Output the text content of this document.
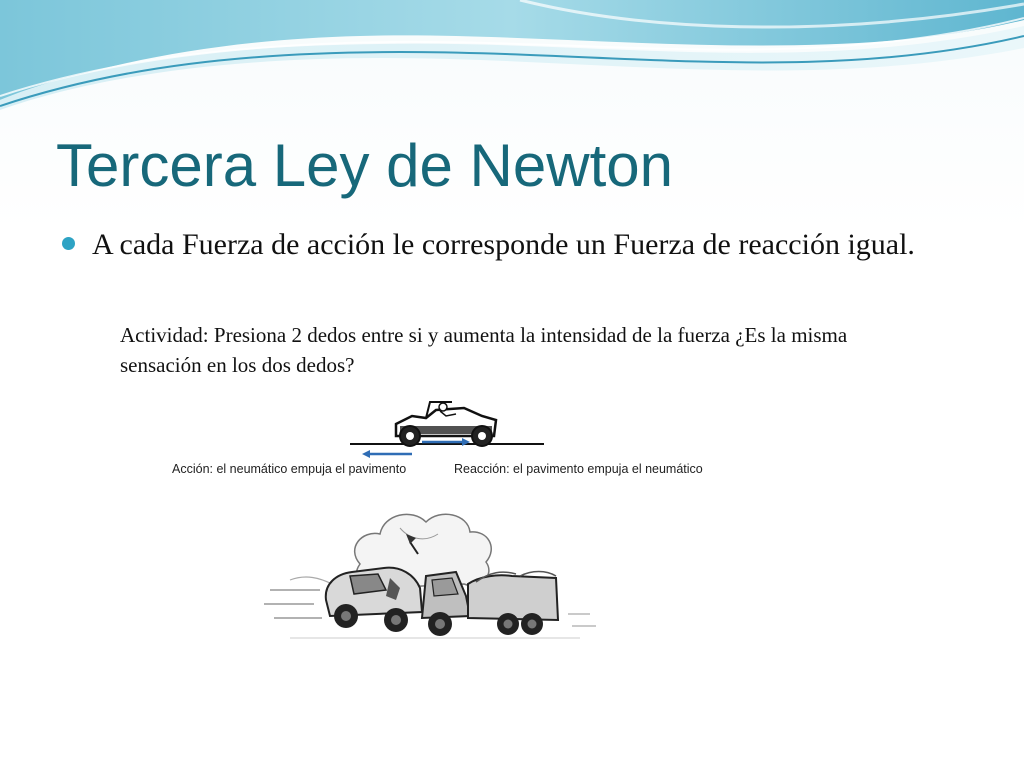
Tercera Ley de Newton
A cada Fuerza de acción le corresponde un Fuerza de reacción igual.
Actividad: Presiona 2 dedos entre si y aumenta la intensidad de la fuerza ¿Es la misma sensación en los dos dedos?
Acción: el neumático empuja el pavimento	Reacción: el pavimento empuja el neumático
